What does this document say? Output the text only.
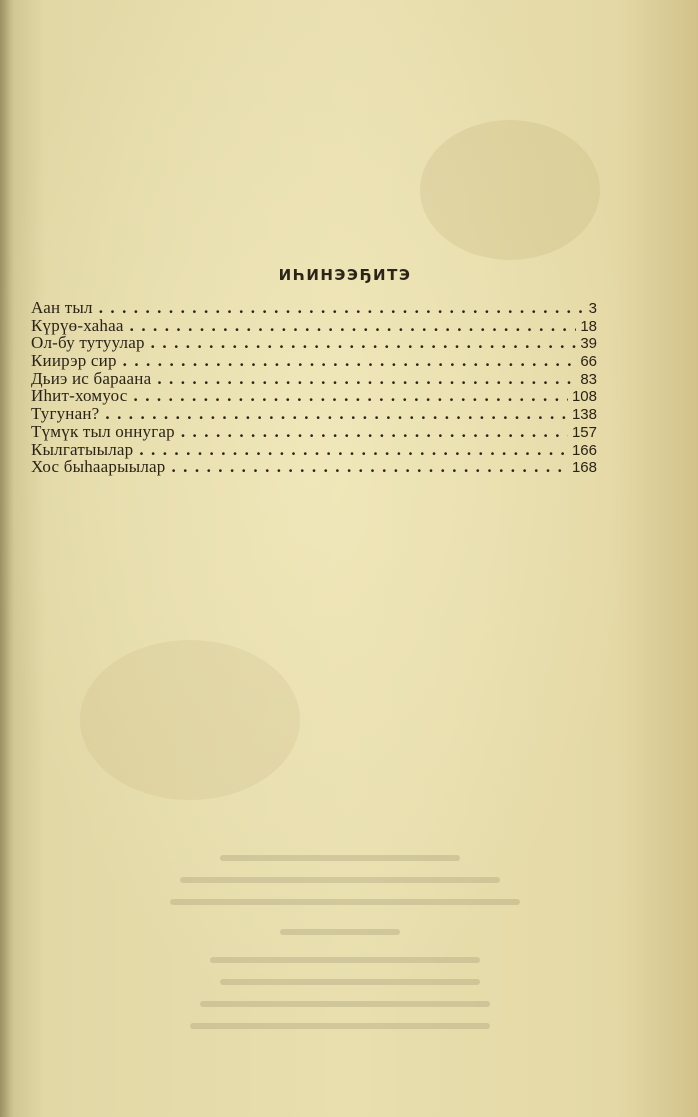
ИҺИНЭЭҔИТЭ
Аан тыл . . .	3
Күрүө-хаһаа . . .	18
Ол-бу тутуулар . . .	39
Киирэр сир . . .	66
Дьиэ ис бараана . . .	83
Иһит-хомуос . . .	108
Тугунан? . . .	138
Түмүк тыл оннугар . . .	157
Кылгатыылар . . .	166
Хос быһаарыылар . . .	168
